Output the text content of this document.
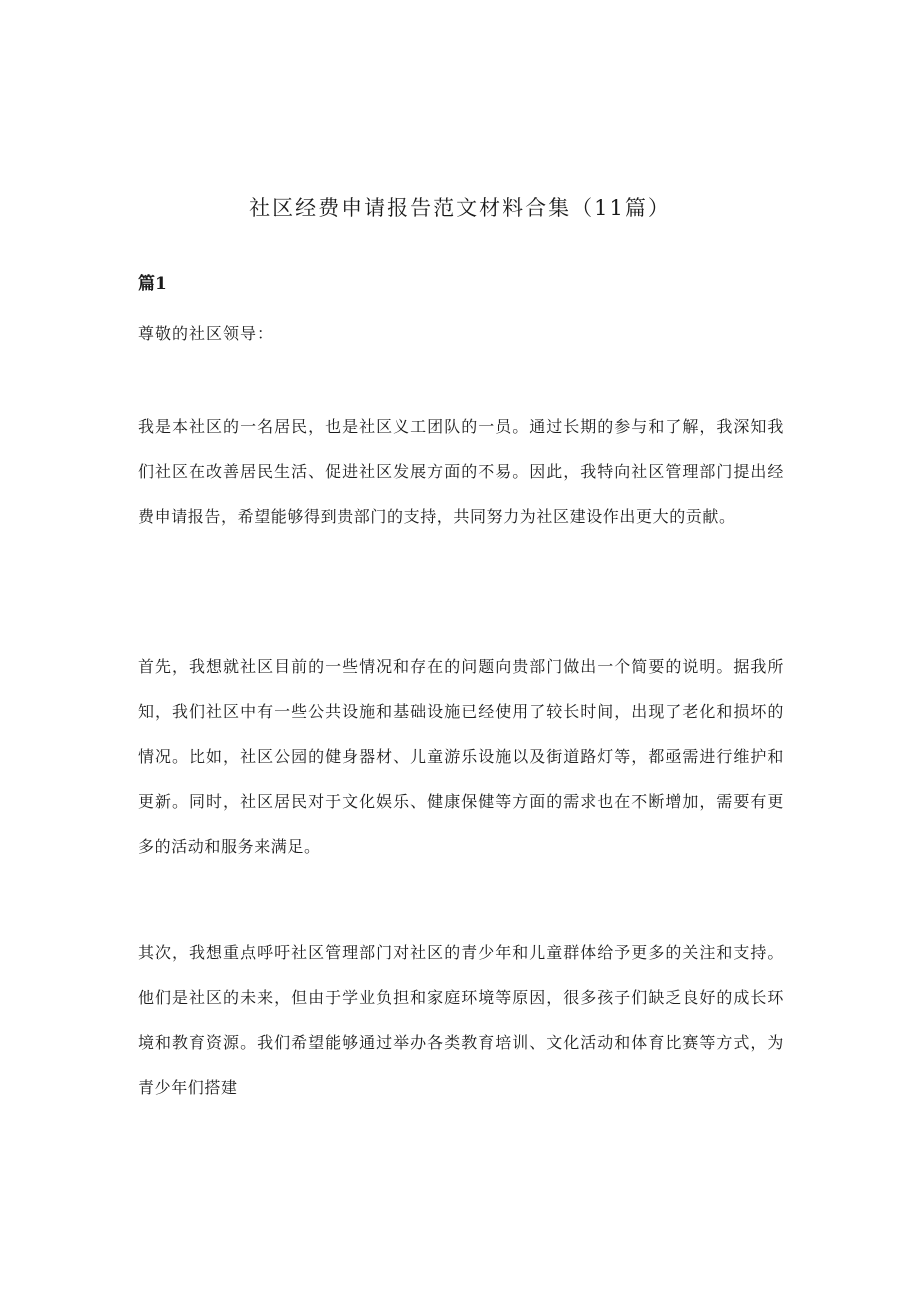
社区经费申请报告范文材料合集（11篇）
篇1
尊敬的社区领导：

我是本社区的一名居民，也是社区义工团队的一员。通过长期的参与和了解，我深知我们社区在改善居民生活、促进社区发展方面的不易。因此，我特向社区管理部门提出经费申请报告，希望能够得到贵部门的支持，共同努力为社区建设作出更大的贡献。

首先，我想就社区目前的一些情况和存在的问题向贵部门做出一个简要的说明。据我所知，我们社区中有一些公共设施和基础设施已经使用了较长时间，出现了老化和损坏的情况。比如，社区公园的健身器材、儿童游乐设施以及街道路灯等，都亟需进行维护和更新。同时，社区居民对于文化娱乐、健康保健等方面的需求也在不断增加，需要有更多的活动和服务来满足。

其次，我想重点呼吁社区管理部门对社区的青少年和儿童群体给予更多的关注和支持。他们是社区的未来，但由于学业负担和家庭环境等原因，很多孩子们缺乏良好的成长环境和教育资源。我们希望能够通过举办各类教育培训、文化活动和体育比赛等方式，为青少年们搭建
